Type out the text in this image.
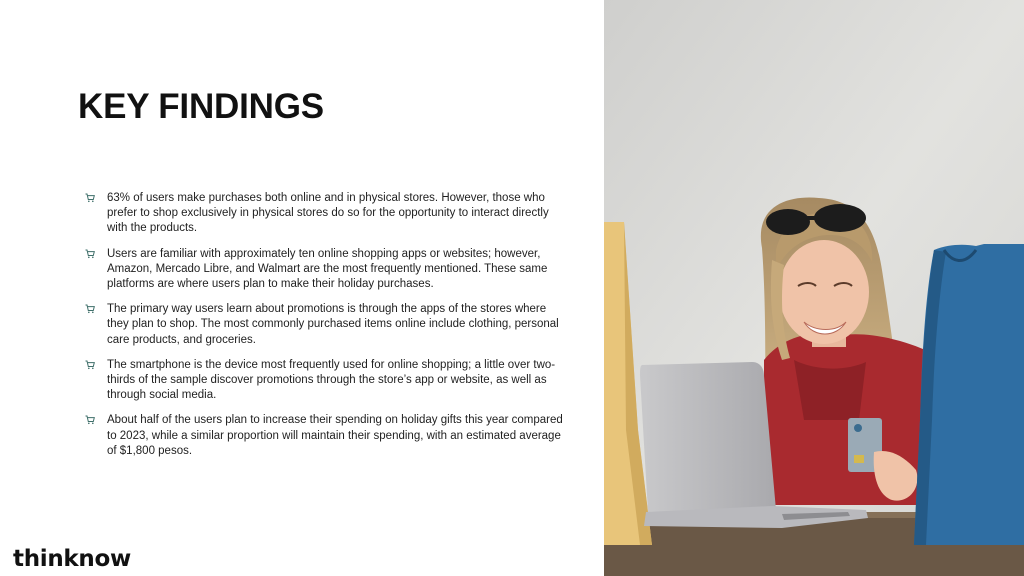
KEY FINDINGS
63% of users make purchases both online and in physical stores. However, those who prefer to shop exclusively in physical stores do so for the opportunity to interact directly with the products.
Users are familiar with approximately ten online shopping apps or websites; however, Amazon, Mercado Libre, and Walmart are the most frequently mentioned. These same platforms are where users plan to make their holiday purchases.
The primary way users learn about promotions is through the apps of the stores where they plan to shop. The most commonly purchased items online include clothing, personal care products, and groceries.
The smartphone is the device most frequently used for online shopping; a little over two-thirds of the sample discover promotions through the store’s app or website, as well as through social media.
About half of the users plan to increase their spending on holiday gifts this year compared to 2023, while a similar proportion will maintain their spending, with an estimated average of $1,800 pesos.
thinknow
